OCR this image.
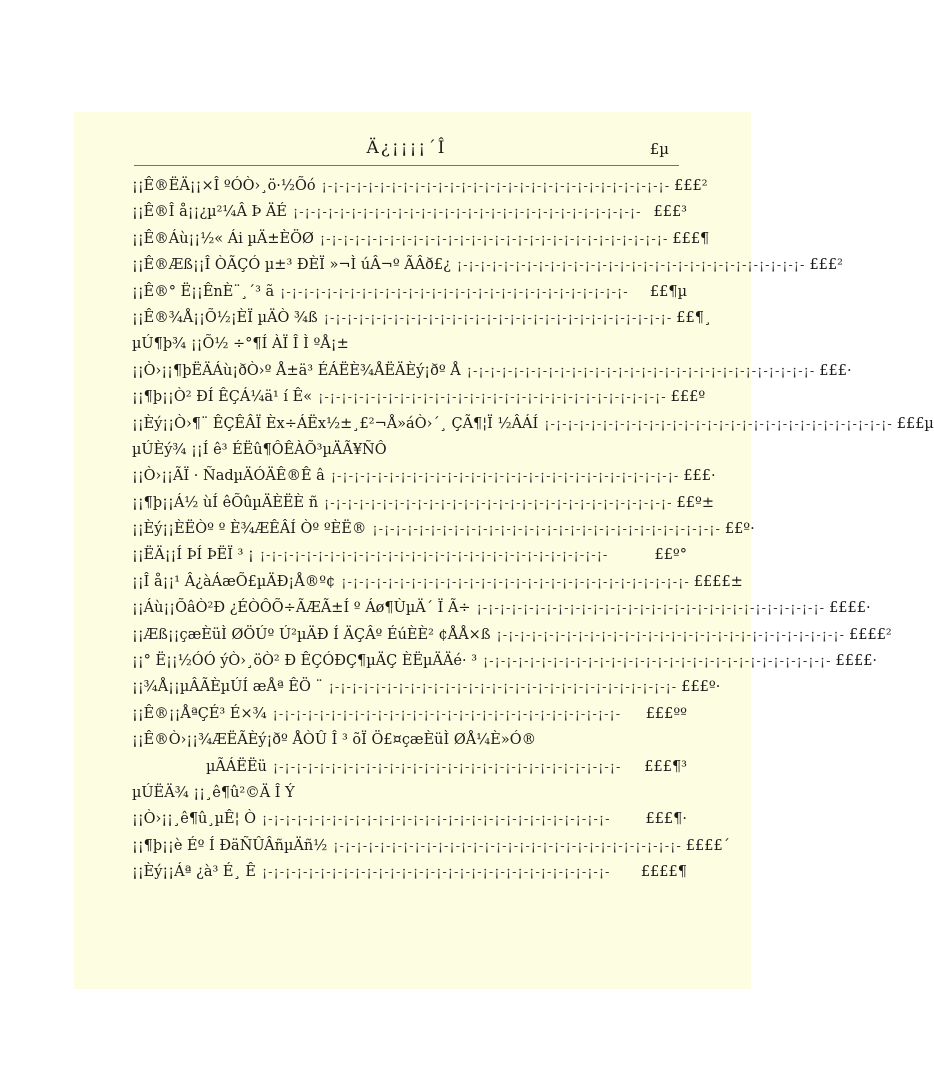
Ä¿¡¡¡¡´Î	£µ
¡¡Ê®ËÄ¡¡×Î ºÓÒ›¸ö·½Õó ¡-¡-¡-¡-¡-¡-¡-¡-¡-¡-¡-¡-¡-¡-¡-¡-¡-¡-¡-¡-¡-¡-¡-¡-¡-¡-¡-¡-¡-¡- £££²
¡¡Ê®Î å¡¡¿µ²¼Â Þ ÄÉ ¡-¡-¡-¡-¡-¡-¡-¡-¡-¡-¡-¡-¡-¡-¡-¡-¡-¡-¡-¡-¡-¡-¡-¡-¡-¡-¡-¡-¡-¡- £££³
¡¡Ê®Áù¡¡½« Ái µÄ±ÈÖØ ¡-¡-¡-¡-¡-¡-¡-¡-¡-¡-¡-¡-¡-¡-¡-¡-¡-¡-¡-¡-¡-¡-¡-¡-¡-¡-¡-¡-¡-¡- £££¶
¡¡Ê®Æß¡¡Î ÒÃÇÓ µ±³ ÐÈÏ »¬Ì úÂ¬º ÃÂð£¿ ¡-¡-¡-¡-¡-¡-¡-¡-¡-¡-¡-¡-¡-¡-¡-¡-¡-¡-¡-¡-¡-¡-¡-¡-¡-¡-¡-¡-¡-¡- £££²
¡¡Ê®° Ë¡¡ÊnÈ¨¸´³ ã ¡-¡-¡-¡-¡-¡-¡-¡-¡-¡-¡-¡-¡-¡-¡-¡-¡-¡-¡-¡-¡-¡-¡-¡-¡-¡-¡-¡-¡-¡-	££¶µ
¡¡Ê®¾Å¡¡Õ½¡ÈÏ µÄÒ ¾ß ¡-¡-¡-¡-¡-¡-¡-¡-¡-¡-¡-¡-¡-¡-¡-¡-¡-¡-¡-¡-¡-¡-¡-¡-¡-¡-¡-¡-¡-¡- ££¶¸
µÚ¶þ¾ ¡¡Õ½ ÷°¶Í ÀÏ Î Ì ºÅ¡±
¡¡Ò›¡¡¶þËÄÁù¡ðÒ›º Å±ä³ ÉÁËÈ¾ÅËÄÈý¡ðº Å ¡-¡-¡-¡-¡-¡-¡-¡-¡-¡-¡-¡-¡-¡-¡-¡-¡-¡-¡-¡-¡-¡-¡-¡-¡-¡-¡-¡-¡-¡- £££·
¡¡¶þ¡¡Ò² ÐÍ ÊÇÁ¼ä¹ í Ê« ¡-¡-¡-¡-¡-¡-¡-¡-¡-¡-¡-¡-¡-¡-¡-¡-¡-¡-¡-¡-¡-¡-¡-¡-¡-¡-¡-¡-¡-¡- £££º
¡¡Èý¡¡Ò›¶¨ ÊÇÊÂÏ Èx÷ÁËx½±¸£²¬Å»áÒ›´¸ ÇÃ¶¦Ï ½ÂÁÍ ¡-¡-¡-¡-¡-¡-¡-¡-¡-¡-¡-¡-¡-¡-¡-¡-¡-¡-¡-¡-¡-¡-¡-¡-¡-¡-¡-¡-¡-¡- £££µ
µÚÈý¾ ¡¡Í ê³ ÉËû¶ÔÊÀÕ³µÄÃ¥ÑÔ
¡¡Ò›¡¡ÃÏ · ÑadµÄÓÄÊ®Ê â ¡-¡-¡-¡-¡-¡-¡-¡-¡-¡-¡-¡-¡-¡-¡-¡-¡-¡-¡-¡-¡-¡-¡-¡-¡-¡-¡-¡-¡-¡- £££·
¡¡¶þ¡¡Á½ ùÍ êÕûµÄÈËÈ ñ ¡-¡-¡-¡-¡-¡-¡-¡-¡-¡-¡-¡-¡-¡-¡-¡-¡-¡-¡-¡-¡-¡-¡-¡-¡-¡-¡-¡-¡-¡- ££º±
¡¡Èý¡¡ÈËÒº º È¾ÆÊÂÍ Òº ºÈË® ¡-¡-¡-¡-¡-¡-¡-¡-¡-¡-¡-¡-¡-¡-¡-¡-¡-¡-¡-¡-¡-¡-¡-¡-¡-¡-¡-¡-¡-¡- ££º·
¡¡ËÄ¡¡Í ÞÍ ÞËÏ ³ ¡ ¡-¡-¡-¡-¡-¡-¡-¡-¡-¡-¡-¡-¡-¡-¡-¡-¡-¡-¡-¡-¡-¡-¡-¡-¡-¡-¡-¡-¡-¡-	££º°
¡¡Î å¡¡¹ Â¿àÁæÕ£µÄÐ¡Å®º¢ ¡-¡-¡-¡-¡-¡-¡-¡-¡-¡-¡-¡-¡-¡-¡-¡-¡-¡-¡-¡-¡-¡-¡-¡-¡-¡-¡-¡-¡-¡- ££££±
¡¡Áù¡¡ÕâÒ²Ð ¿ÉÒÔÕ÷ÃÆÃ±Í º Áø¶ÙµÄ´ Ï Ã÷ ¡-¡-¡-¡-¡-¡-¡-¡-¡-¡-¡-¡-¡-¡-¡-¡-¡-¡-¡-¡-¡-¡-¡-¡-¡-¡-¡-¡-¡-¡- ££££·
¡¡Æß¡¡çæÈüÌ ØÖÚº Ú²µÄÐ Í ÄÇÂº ÉúÈÈ² ¢ÅÅ×ß ¡-¡-¡-¡-¡-¡-¡-¡-¡-¡-¡-¡-¡-¡-¡-¡-¡-¡-¡-¡-¡-¡-¡-¡-¡-¡-¡-¡-¡-¡- ££££²
¡¡° Ë¡¡½ÓÓ ýÒ›¸öÒ² Ð ÊÇÓÐÇ¶µÄÇ ÈËµÄÄé· ³ ¡-¡-¡-¡-¡-¡-¡-¡-¡-¡-¡-¡-¡-¡-¡-¡-¡-¡-¡-¡-¡-¡-¡-¡-¡-¡-¡-¡-¡-¡- ££££·
¡¡¾Å¡¡µÂÃÈµÚÍ æÅª ÊÖ ¨ ¡-¡-¡-¡-¡-¡-¡-¡-¡-¡-¡-¡-¡-¡-¡-¡-¡-¡-¡-¡-¡-¡-¡-¡-¡-¡-¡-¡-¡-¡- £££º·
¡¡Ê®¡¡ÅªÇÉ³ É×¾ ¡-¡-¡-¡-¡-¡-¡-¡-¡-¡-¡-¡-¡-¡-¡-¡-¡-¡-¡-¡-¡-¡-¡-¡-¡-¡-¡-¡-¡-¡-	£££ºº
¡¡Ê®Ò›¡¡¾ÆËÃÈý¡ðº ÅÒÛ Î ³ õÏ Ö£¤çæÈüÌ ØÅ¼È»Ó®
µÃÁËËü ¡-¡-¡-¡-¡-¡-¡-¡-¡-¡-¡-¡-¡-¡-¡-¡-¡-¡-¡-¡-¡-¡-¡-¡-¡-¡-¡-¡-¡-¡-	£££¶³
µÚËÄ¾ ¡¡¸ê¶û²©Ä Î Ý
¡¡Ò›¡¡¸ê¶û¸µÊ¦ Ò ¡-¡-¡-¡-¡-¡-¡-¡-¡-¡-¡-¡-¡-¡-¡-¡-¡-¡-¡-¡-¡-¡-¡-¡-¡-¡-¡-¡-¡-¡-	£££¶·
¡¡¶þ¡¡è Éº Í ÐäÑÛÂñµÄñ½ ¡-¡-¡-¡-¡-¡-¡-¡-¡-¡-¡-¡-¡-¡-¡-¡-¡-¡-¡-¡-¡-¡-¡-¡-¡-¡-¡-¡-¡-¡- ££££´
¡¡Èý¡¡Áª ¿à³ É¸ Ê ¡-¡-¡-¡-¡-¡-¡-¡-¡-¡-¡-¡-¡-¡-¡-¡-¡-¡-¡-¡-¡-¡-¡-¡-¡-¡-¡-¡-¡-¡-	££££¶
